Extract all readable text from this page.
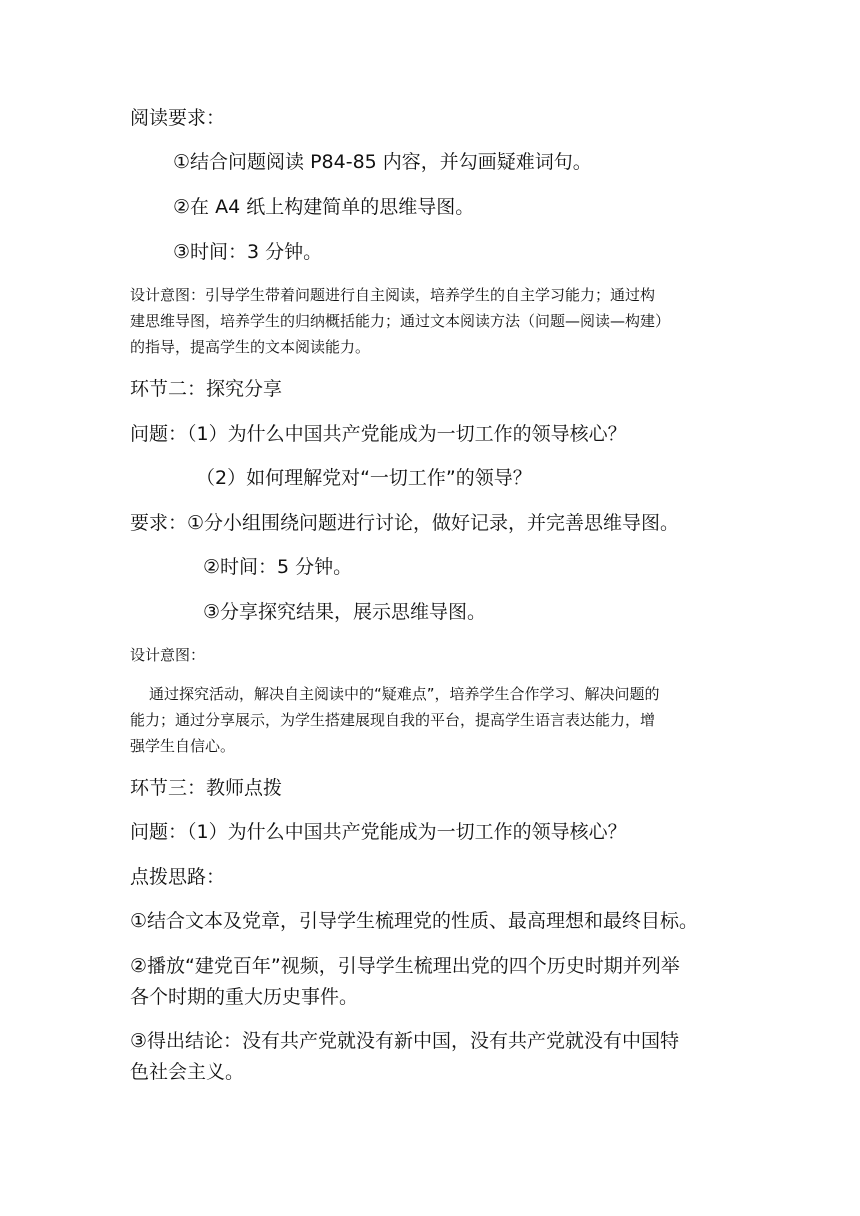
阅读要求：
①结合问题阅读 P84-85 内容，并勾画疑难词句。
②在 A4 纸上构建简单的思维导图。
③时间：3 分钟。
设计意图：引导学生带着问题进行自主阅读，培养学生的自主学习能力；通过构
建思维导图，培养学生的归纳概括能力；通过文本阅读方法（问题—阅读—构建）
的指导，提高学生的文本阅读能力。
环节二：探究分享
问题：（1）为什么中国共产党能成为一切工作的领导核心？
（2）如何理解党对“一切工作”的领导？
要求：①分小组围绕问题进行讨论，做好记录，并完善思维导图。
②时间：5 分钟。
③分享探究结果，展示思维导图。
设计意图：
通过探究活动，解决自主阅读中的“疑难点”，培养学生合作学习、解决问题的
能力；通过分享展示，为学生搭建展现自我的平台，提高学生语言表达能力，增
强学生自信心。
环节三：教师点拨
问题：（1）为什么中国共产党能成为一切工作的领导核心？
点拨思路：
①结合文本及党章，引导学生梳理党的性质、最高理想和最终目标。
②播放“建党百年”视频，引导学生梳理出党的四个历史时期并列举
各个时期的重大历史事件。
③得出结论：没有共产党就没有新中国，没有共产党就没有中国特
色社会主义。
